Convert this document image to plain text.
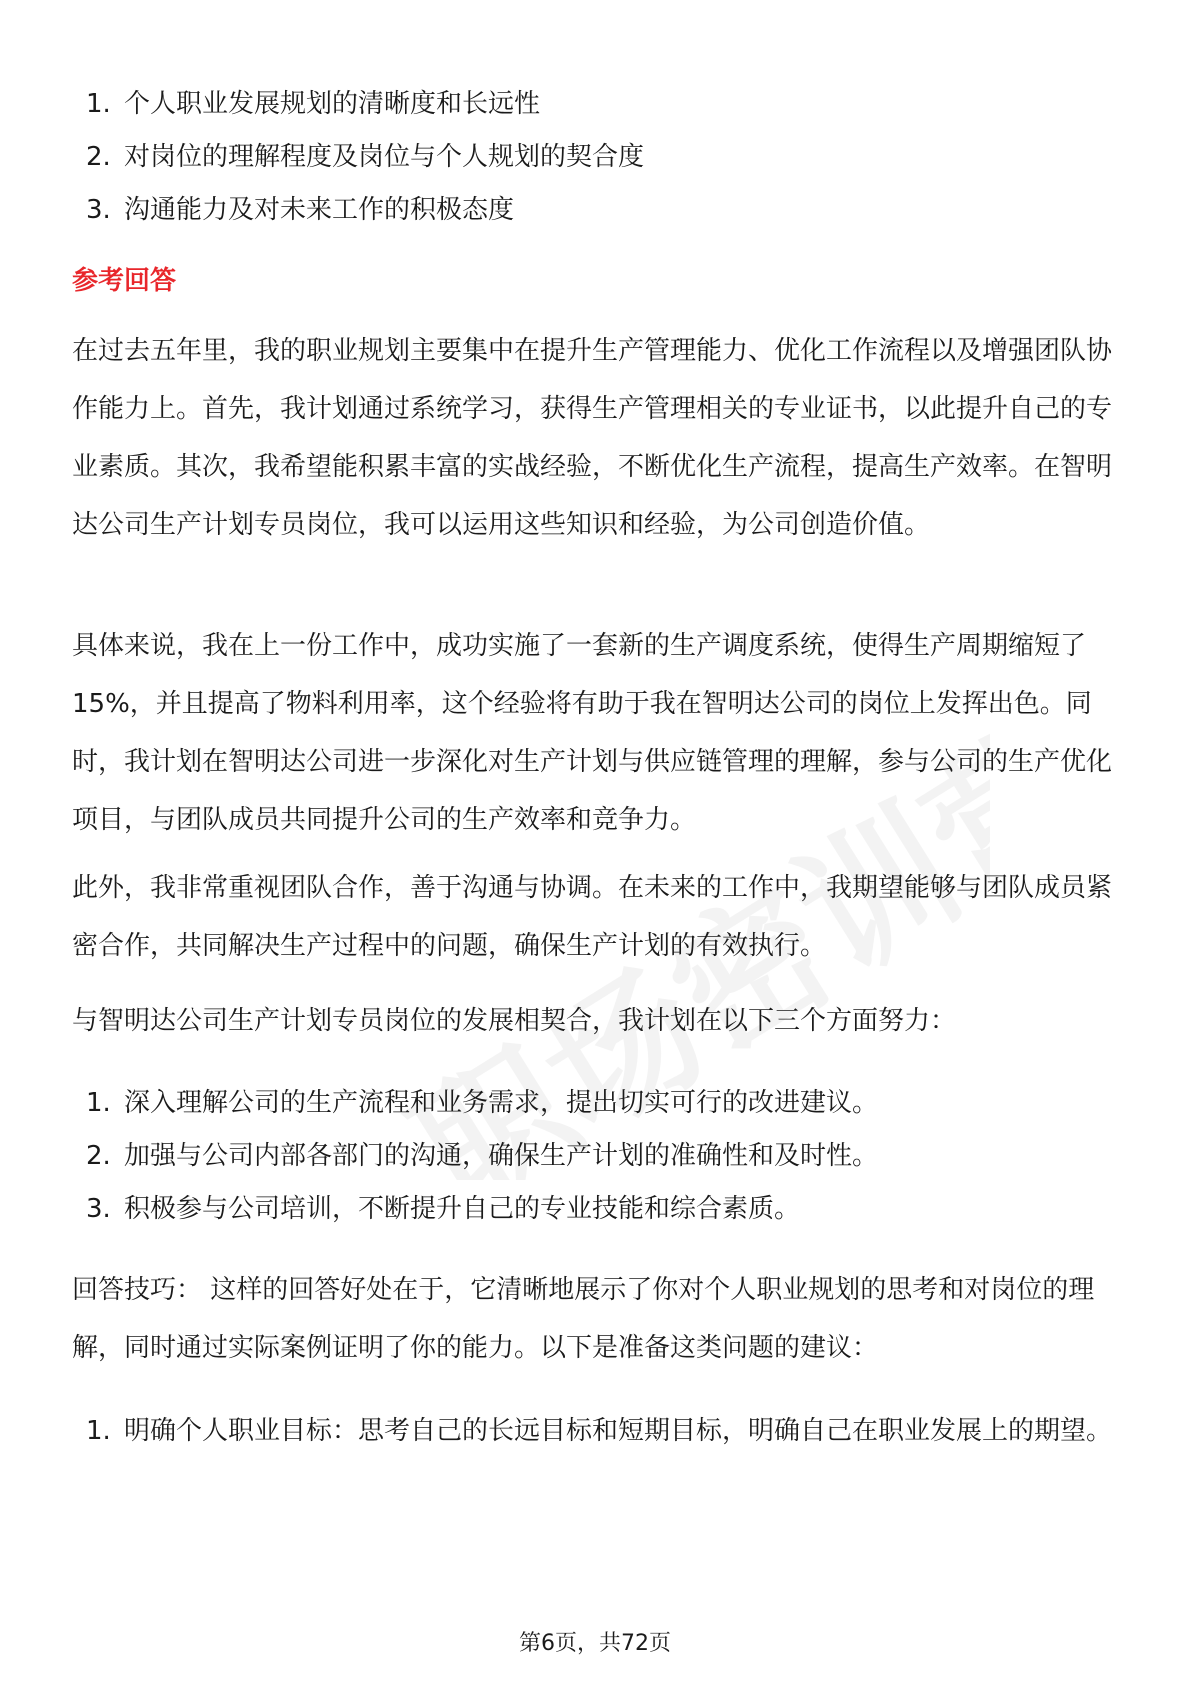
职场密训营
1. 个人职业发展规划的清晰度和长远性
2. 对岗位的理解程度及岗位与个人规划的契合度
3. 沟通能力及对未来工作的积极态度
参考回答

在过去五年里，我的职业规划主要集中在提升生产管理能力、优化工作流程以及增强团队协作能力上。首先，我计划通过系统学习，获得生产管理相关的专业证书，以此提升自己的专业素质。其次，我希望能积累丰富的实战经验，不断优化生产流程，提高生产效率。在智明达公司生产计划专员岗位，我可以运用这些知识和经验，为公司创造价值。

具体来说，我在上一份工作中，成功实施了一套新的生产调度系统，使得生产周期缩短了15%，并且提高了物料利用率，这个经验将有助于我在智明达公司的岗位上发挥出色。同时，我计划在智明达公司进一步深化对生产计划与供应链管理的理解，参与公司的生产优化项目，与团队成员共同提升公司的生产效率和竞争力。

此外，我非常重视团队合作，善于沟通与协调。在未来的工作中，我期望能够与团队成员紧密合作，共同解决生产过程中的问题，确保生产计划的有效执行。

与智明达公司生产计划专员岗位的发展相契合，我计划在以下三个方面努力：

1. 深入理解公司的生产流程和业务需求，提出切实可行的改进建议。
2. 加强与公司内部各部门的沟通，确保生产计划的准确性和及时性。
3. 积极参与公司培训，不断提升自己的专业技能和综合素质。

回答技巧： 这样的回答好处在于，它清晰地展示了你对个人职业规划的思考和对岗位的理解，同时通过实际案例证明了你的能力。以下是准备这类问题的建议：

1. 明确个人职业目标：思考自己的长远目标和短期目标，明确自己在职业发展上的期望。
第6页，共72页
